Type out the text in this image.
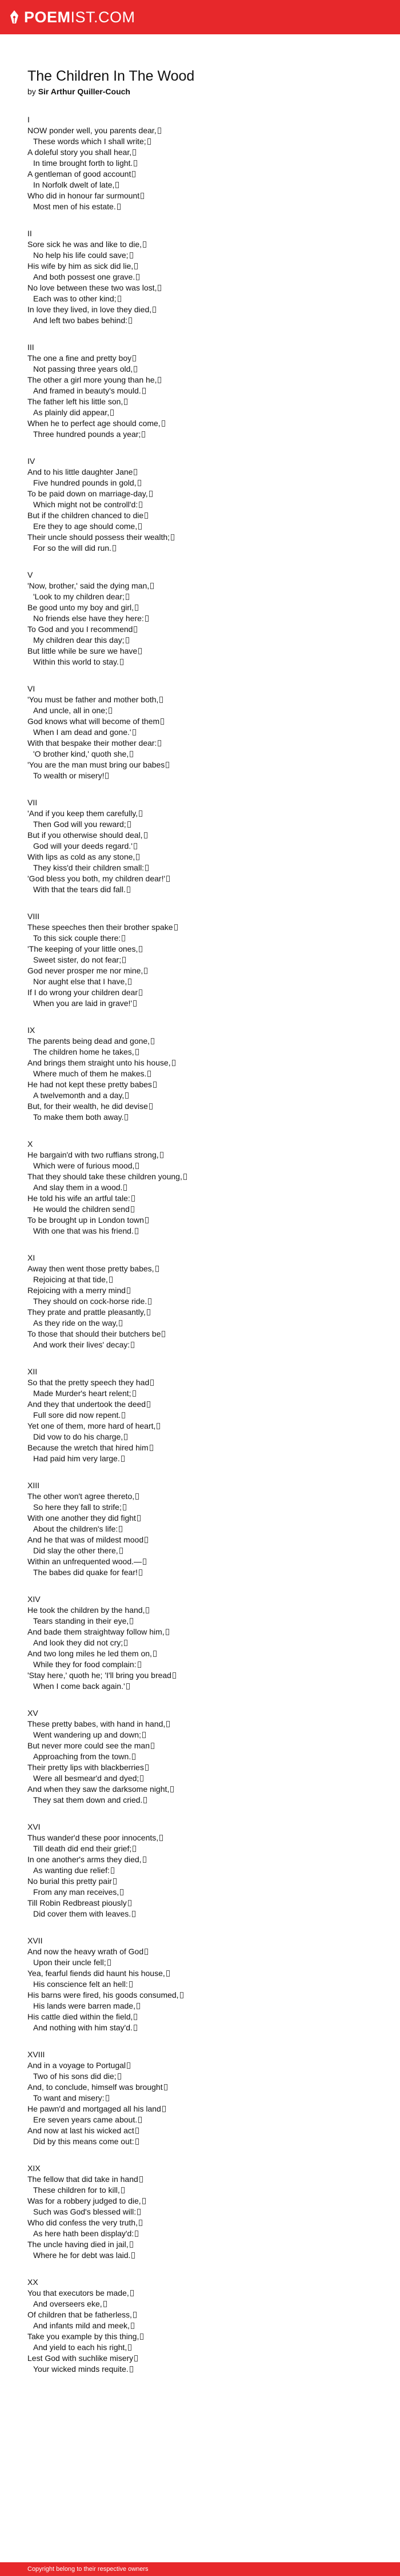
POEMIST.COM
The Children In The Wood
by Sir Arthur Quiller-Couch
I
NOW ponder well, you parents dear,
These words which I shall write;
A doleful story you shall hear,
In time brought forth to light.
A gentleman of good account
In Norfolk dwelt of late,
Who did in honour far surmount
Most men of his estate.
II
Sore sick he was and like to die,
No help his life could save;
His wife by him as sick did lie,
And both possest one grave.
No love between these two was lost,
Each was to other kind;
In love they lived, in love they died,
And left two babes behind:
III
The one a fine and pretty boy
Not passing three years old,
The other a girl more young than he,
And framed in beauty's mould.
The father left his little son,
As plainly did appear,
When he to perfect age should come,
Three hundred pounds a year;
IV
And to his little daughter Jane
Five hundred pounds in gold,
To be paid down on marriage-day,
Which might not be controll'd:
But if the children chanced to die
Ere they to age should come,
Their uncle should possess their wealth;
For so the will did run.
V
'Now, brother,' said the dying man,
'Look to my children dear;
Be good unto my boy and girl,
No friends else have they here:
To God and you I recommend
My children dear this day;
But little while be sure we have
Within this world to stay.
VI
'You must be father and mother both,
And uncle, all in one;
God knows what will become of them
When I am dead and gone.'
With that bespake their mother dear:
'O brother kind,' quoth she,
'You are the man must bring our babes
To wealth or misery!
VII
'And if you keep them carefully,
Then God will you reward;
But if you otherwise should deal,
God will your deeds regard.'
With lips as cold as any stone,
They kiss'd their children small:
'God bless you both, my children dear!'
With that the tears did fall.
VIII
These speeches then their brother spake
To this sick couple there:
'The keeping of your little ones,
Sweet sister, do not fear;
God never prosper me nor mine,
Nor aught else that I have,
If I do wrong your children dear
When you are laid in grave!'
IX
The parents being dead and gone,
The children home he takes,
And brings them straight unto his house,
Where much of them he makes.
He had not kept these pretty babes
A twelvemonth and a day,
But, for their wealth, he did devise
To make them both away.
X
He bargain'd with two ruffians strong,
Which were of furious mood,
That they should take these children young,
And slay them in a wood.
He told his wife an artful tale:
He would the children send
To be brought up in London town
With one that was his friend.
XI
Away then went those pretty babes,
Rejoicing at that tide,
Rejoicing with a merry mind
They should on cock-horse ride.
They prate and prattle pleasantly,
As they ride on the way,
To those that should their butchers be
And work their lives' decay:
XII
So that the pretty speech they had
Made Murder's heart relent;
And they that undertook the deed
Full sore did now repent.
Yet one of them, more hard of heart,
Did vow to do his charge,
Because the wretch that hired him
Had paid him very large.
XIII
The other won't agree thereto,
So here they fall to strife;
With one another they did fight
About the children's life:
And he that was of mildest mood
Did slay the other there,
Within an unfrequented wood.—
The babes did quake for fear!
XIV
He took the children by the hand,
Tears standing in their eye,
And bade them straightway follow him,
And look they did not cry;
And two long miles he led them on,
While they for food complain:
'Stay here,' quoth he; 'I'll bring you bread
When I come back again.'
XV
These pretty babes, with hand in hand,
Went wandering up and down;
But never more could see the man
Approaching from the town.
Their pretty lips with blackberries
Were all besmear'd and dyed;
And when they saw the darksome night,
They sat them down and cried.
XVI
Thus wander'd these poor innocents,
Till death did end their grief;
In one another's arms they died,
As wanting due relief:
No burial this pretty pair
From any man receives,
Till Robin Redbreast piously
Did cover them with leaves.
XVII
And now the heavy wrath of God
Upon their uncle fell;
Yea, fearful fiends did haunt his house,
His conscience felt an hell:
His barns were fired, his goods consumed,
His lands were barren made,
His cattle died within the field,
And nothing with him stay'd.
XVIII
And in a voyage to Portugal
Two of his sons did die;
And, to conclude, himself was brought
To want and misery:
He pawn'd and mortgaged all his land
Ere seven years came about.
And now at last his wicked act
Did by this means come out:
XIX
The fellow that did take in hand
These children for to kill,
Was for a robbery judged to die,
Such was God's blessed will:
Who did confess the very truth,
As here hath been display'd:
The uncle having died in jail,
Where he for debt was laid.
XX
You that executors be made,
And overseers eke,
Of children that be fatherless,
And infants mild and meek,
Take you example by this thing,
And yield to each his right,
Lest God with suchlike misery
Your wicked minds requite.
Copyright belong to their respective owners
